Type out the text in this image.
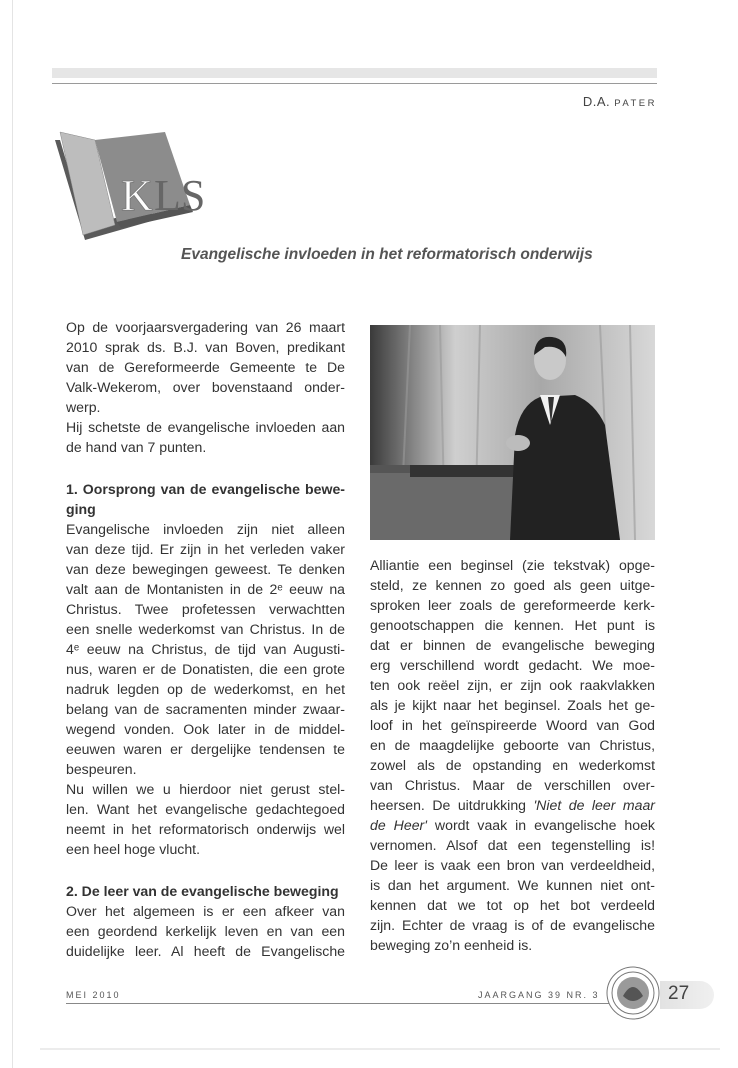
D.A. PATER
K LS
Evangelische invloeden in het reformatorisch onderwijs
Op de voorjaarsvergadering van 26 maart
2010 sprak ds. B.J. van Boven, predikant
van de Gereformeerde Gemeente te De
Valk-Wekerom, over bovenstaand onder-
werp.
Hij schetste de evangelische invloeden aan
de hand van 7 punten.
1. Oorsprong van de evangelische bewe-
ging
Evangelische invloeden zijn niet alleen
van deze tijd. Er zijn in het verleden vaker
van deze bewegingen geweest. Te denken
valt aan de Montanisten in de 2ᵉ eeuw na
Christus. Twee profetessen verwachtten
een snelle wederkomst van Christus. In de
4ᵉ eeuw na Christus, de tijd van Augusti-
nus, waren er de Donatisten, die een grote
nadruk legden op de wederkomst, en het
belang van de sacramenten minder zwaar-
wegend vonden. Ook later in de middel-
eeuwen waren er dergelijke tendensen te
bespeuren.
Nu willen we u hierdoor niet gerust stel-
len. Want het evangelische gedachtegoed
neemt in het reformatorisch onderwijs wel
een heel hoge vlucht.
2. De leer van de evangelische beweging
Over het algemeen is er een afkeer van
een geordend kerkelijk leven en van een
duidelijke leer. Al heeft de Evangelische
Alliantie een beginsel (zie tekstvak) opge-
steld, ze kennen zo goed als geen uitge-
sproken leer zoals de gereformeerde kerk-
genootschappen die kennen. Het punt is
dat er binnen de evangelische beweging
erg verschillend wordt gedacht. We moe-
ten ook reëel zijn, er zijn ook raakvlakken
als je kijkt naar het beginsel. Zoals het ge-
loof in het geïnspireerde Woord van God
en de maagdelijke geboorte van Christus,
zowel als de opstanding en wederkomst
van Christus. Maar de verschillen over-
heersen. De uitdrukking 'Niet de leer maar
de Heer' wordt vaak in evangelische hoek
vernomen. Alsof dat een tegenstelling is!
De leer is vaak een bron van verdeeldheid,
is dan het argument. We kunnen niet ont-
kennen dat we tot op het bot verdeeld
zijn. Echter de vraag is of de evangelische
beweging zo’n eenheid is.
MEI 2010	JAARGANG 39 NR. 3	27
